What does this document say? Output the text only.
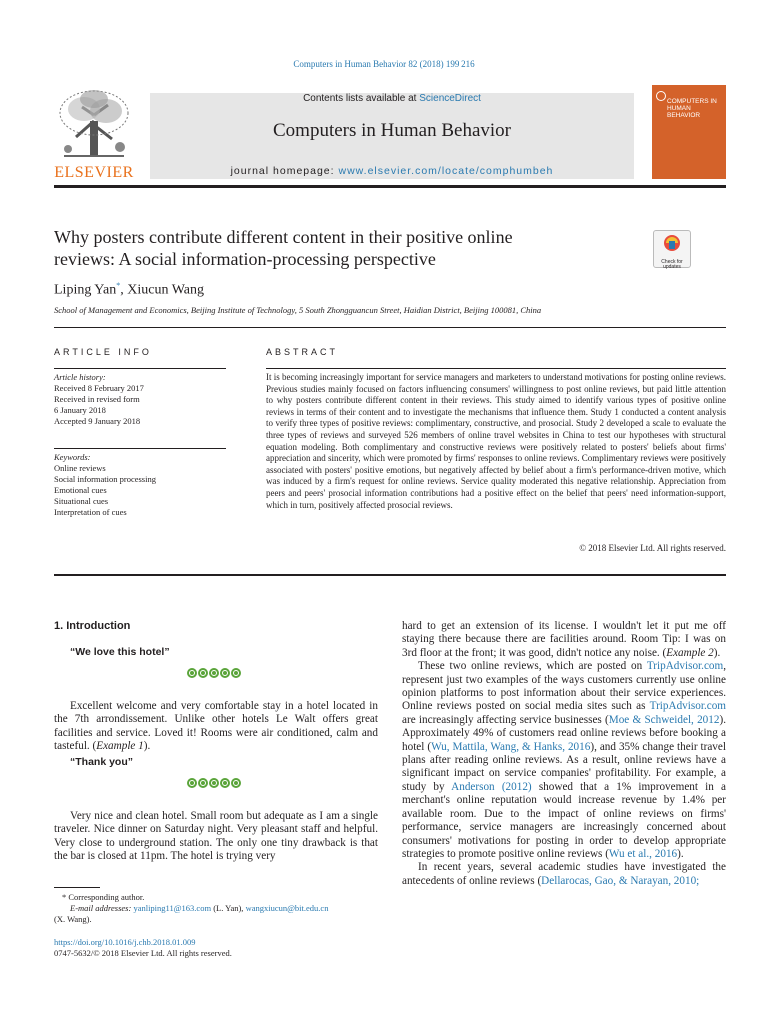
Computers in Human Behavior 82 (2018) 199 216
ELSEVIER
Contents lists available at ScienceDirect
Computers in Human Behavior
journal homepage: www.elsevier.com/locate/comphumbeh
COMPUTERS IN HUMAN BEHAVIOR
Why posters contribute different content in their positive online
reviews: A social information-processing perspective	Check for updates
Liping Yan*, Xiucun Wang
School of Management and Economics, Beijing Institute of Technology, 5 South Zhongguancun Street, Haidian District, Beijing 100081, China
ARTICLE INFO
Article history:
Received 8 February 2017
Received in revised form
6 January 2018
Accepted 9 January 2018
Keywords:
Online reviews
Social information processing
Emotional cues
Situational cues
Interpretation of cues
ABSTRACT
It is becoming increasingly important for service managers and marketers to understand motivations for posting online reviews. Previous studies mainly focused on factors influencing consumers' willingness to post online reviews, but paid little attention to why posters contribute different content in their reviews. This study aimed to identify various types of positive online reviews in terms of their content and to investigate the mechanisms that influence them. Study 1 conducted a content analysis to verify three types of positive reviews: complimentary, constructive, and prosocial. Study 2 developed a scale to evaluate the three types of reviews and surveyed 526 members of online travel websites in China to test our hypotheses with structural equation modeling. Both complimentary and constructive reviews were positively related to posters' beliefs about firms' appreciation and sincerity, which were promoted by firms' responses to online reviews. Complimentary reviews were positively associated with posters' positive emotions, but negatively affected by belief about a firm's performance-driven motive, which was induced by a firm's request for online reviews. Service quality moderated this negative relationship. Appreciation from peers and peers' prosocial information contributions had a positive effect on the belief that peers' need information-support, which in turn, positively affected prosocial reviews.
© 2018 Elsevier Ltd. All rights reserved.
1. Introduction
“We love this hotel”
Excellent welcome and very comfortable stay in a hotel located in the 7th arrondissement. Unlike other hotels Le Walt offers great facilities and service. Loved it! Rooms were air conditioned, calm and tasteful. (Example 1).
“Thank you”
Very nice and clean hotel. Small room but adequate as I am a single traveler. Nice dinner on Saturday night. Very pleasant staff and helpful. Very close to underground station. The only one tiny drawback is that the bar is closed at 11pm. The hotel is trying very
* Corresponding author.
E-mail addresses: yanliping11@163.com (L. Yan), wangxiucun@bit.edu.cn
(X. Wang).
https://doi.org/10.1016/j.chb.2018.01.009
0747-5632/© 2018 Elsevier Ltd. All rights reserved.
hard to get an extension of its license. I wouldn't let it put me off staying there because there are facilities around. Room Tip: I was on 3rd floor at the front; it was good, didn't notice any noise. (Example 2).
These two online reviews, which are posted on TripAdvisor.com, represent just two examples of the ways customers currently use online opinion platforms to post information about their service experiences. Online reviews posted on social media sites such as TripAdvisor.com are increasingly affecting service businesses (Moe & Schweidel, 2012). Approximately 49% of customers read online reviews before booking a hotel (Wu, Mattila, Wang, & Hanks, 2016), and 35% change their travel plans after reading online reviews. As a result, online reviews have a significant impact on service companies' profitability. For example, a study by Anderson (2012) showed that a 1% improvement in a merchant's online reputation would increase revenue by 1.4% per available room. Due to the impact of online reviews on firms' performance, service managers are increasingly concerned about consumers' motivations for posting in order to develop appropriate strategies to promote positive online reviews (Wu et al., 2016).
In recent years, several academic studies have investigated the antecedents of online reviews (Dellarocas, Gao, & Narayan, 2010;
